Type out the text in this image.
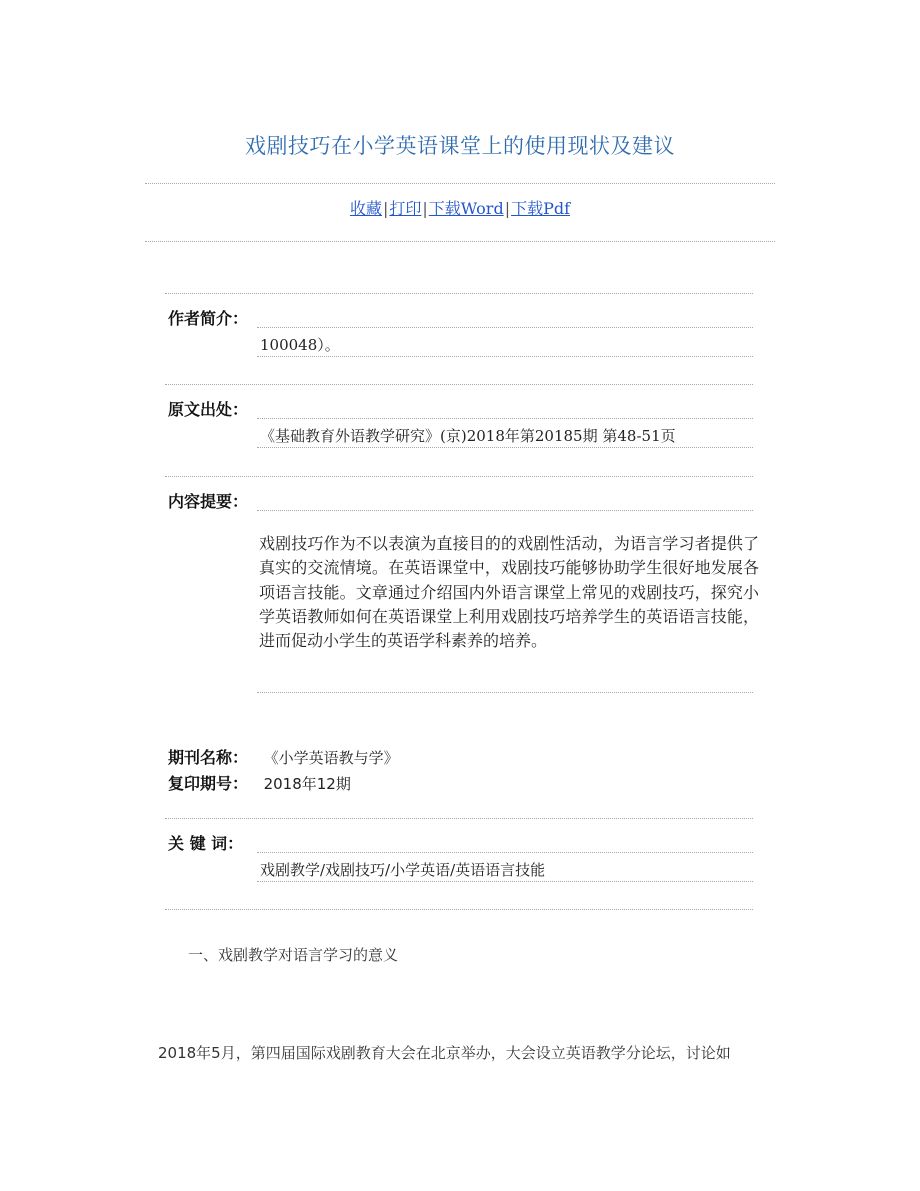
戏剧技巧在小学英语课堂上的使用现状及建议
收藏|打印|下载Word|下载Pdf
作者简介：
100048）。
原文出处：
《基础教育外语教学研究》(京)2018年第20185期 第48-51页
内容提要：
戏剧技巧作为不以表演为直接目的的戏剧性活动，为语言学习者提供了真实的交流情境。在英语课堂中，戏剧技巧能够协助学生很好地发展各项语言技能。文章通过介绍国内外语言课堂上常见的戏剧技巧，探究小学英语教师如何在英语课堂上利用戏剧技巧培养学生的英语语言技能，进而促动小学生的英语学科素养的培养。
期刊名称： 《小学英语教与学》
复印期号： 2018年12期
关 键 词：
戏剧教学/戏剧技巧/小学英语/英语语言技能
一、戏剧教学对语言学习的意义
2018年5月，第四届国际戏剧教育大会在北京举办，大会设立英语教学分论坛，讨论如
